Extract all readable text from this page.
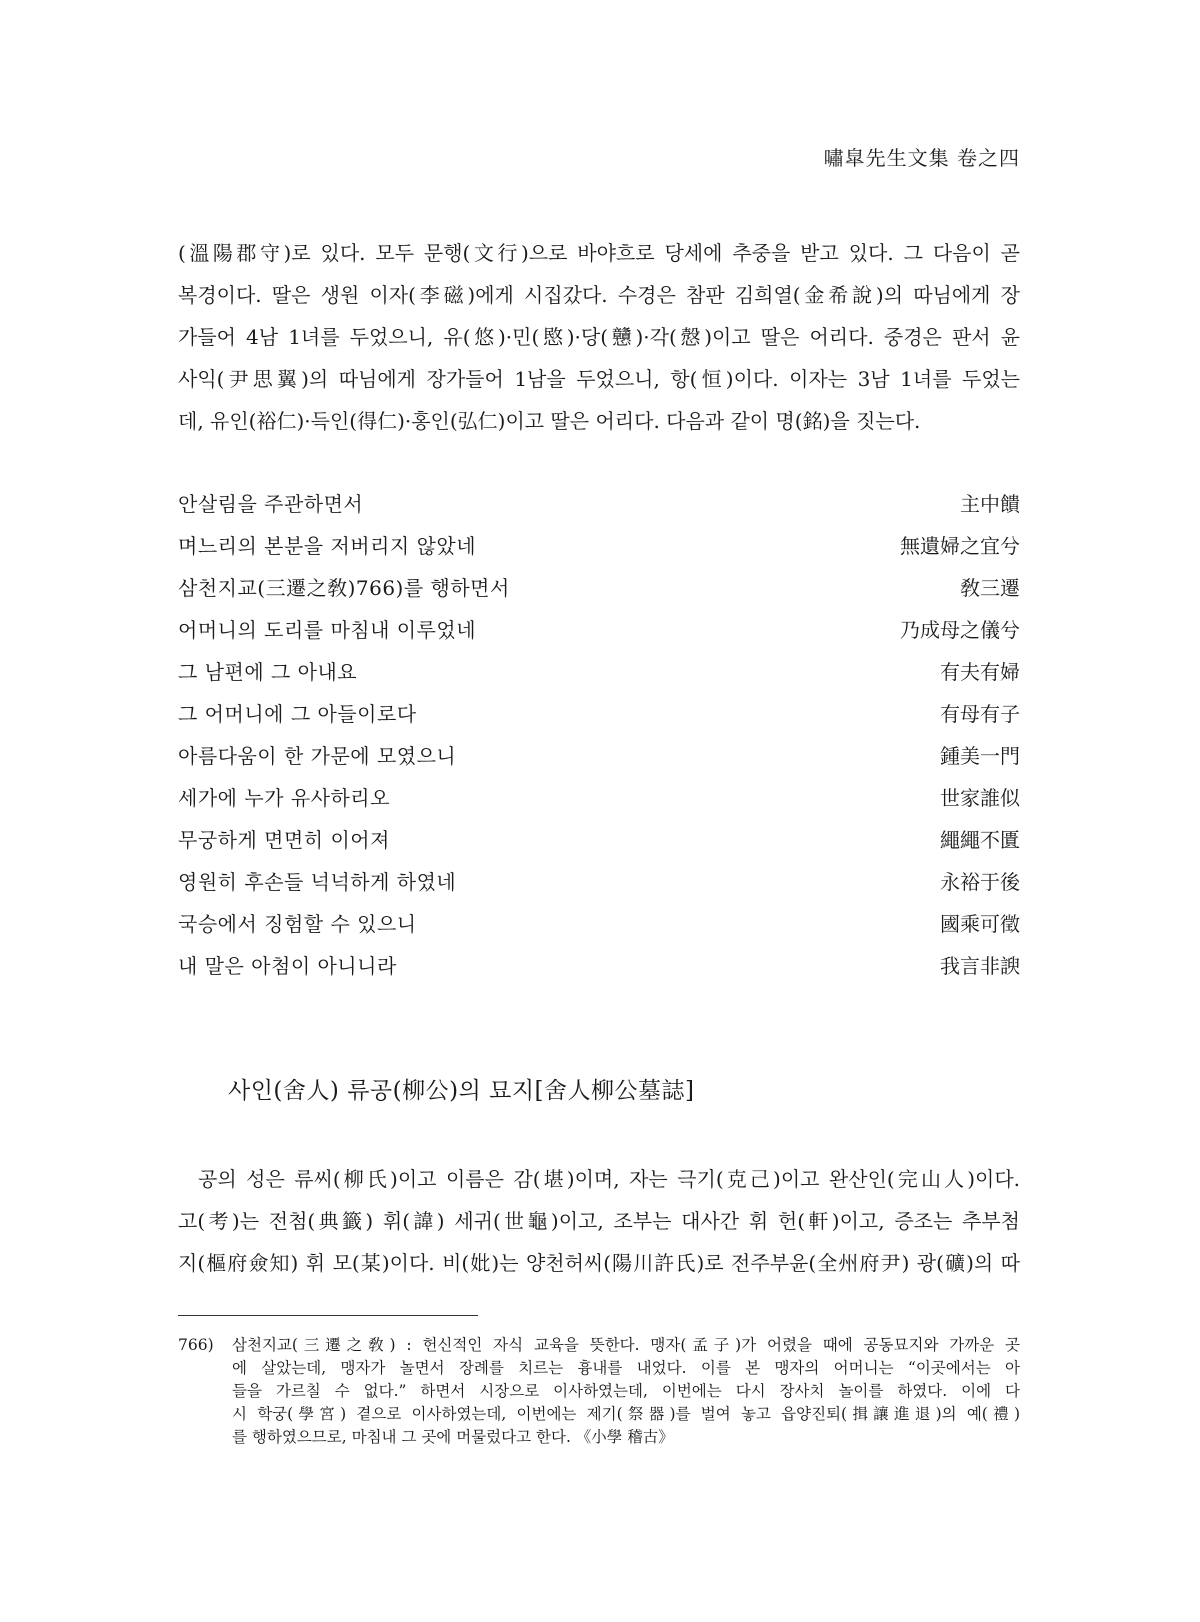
嘯皐先生文集 卷之四
(溫陽郡守)로 있다. 모두 문행(文行)으로 바야흐로 당세에 추중을 받고 있다. 그 다음이 곧
복경이다. 딸은 생원 이자(李磁)에게 시집갔다. 수경은 참판 김희열(金希說)의 따님에게 장
가들어 4남 1녀를 두었으니, 유(悠)·민(愍)·당(戇)·각(慤)이고 딸은 어리다. 중경은 판서 윤
사익(尹思翼)의 따님에게 장가들어 1남을 두었으니, 항(恒)이다. 이자는 3남 1녀를 두었는
데, 유인(裕仁)·득인(得仁)·홍인(弘仁)이고 딸은 어리다. 다음과 같이 명(銘)을 짓는다.
안살림을 주관하면서	主中饋
며느리의 본분을 저버리지 않았네	無遺婦之宜兮
삼천지교(三遷之敎)766)를 행하면서	敎三遷
어머니의 도리를 마침내 이루었네	乃成母之儀兮
그 남편에 그 아내요	有夫有婦
그 어머니에 그 아들이로다	有母有子
아름다움이 한 가문에 모였으니	鍾美一門
세가에 누가 유사하리오	世家誰似
무궁하게 면면히 이어져	繩繩不匱
영원히 후손들 넉넉하게 하였네	永裕于後
국승에서 징험할 수 있으니	國乘可徵
내 말은 아첨이 아니니라	我言非諛
사인(舍人) 류공(柳公)의 묘지[舍人柳公墓誌]
공의 성은 류씨(柳氏)이고 이름은 감(堪)이며, 자는 극기(克己)이고 완산인(完山人)이다.
고(考)는 전첨(典籤) 휘(諱) 세귀(世龜)이고, 조부는 대사간 휘 헌(軒)이고, 증조는 추부첨
지(樞府僉知) 휘 모(某)이다. 비(妣)는 양천허씨(陽川許氏)로 전주부윤(全州府尹) 광(礦)의 따
766)	삼천지교(三遷之敎) : 헌신적인 자식 교육을 뜻한다. 맹자(孟子)가 어렸을 때에 공동묘지와 가까운 곳
에 살았는데, 맹자가 놀면서 장례를 치르는 흉내를 내었다. 이를 본 맹자의 어머니는 “이곳에서는 아
들을 가르칠 수 없다.” 하면서 시장으로 이사하였는데, 이번에는 다시 장사치 놀이를 하였다. 이에 다
시 학궁(學宮) 곁으로 이사하였는데, 이번에는 제기(祭器)를 벌여 놓고 읍양진퇴(揖讓進退)의 예(禮)
를 행하였으므로, 마침내 그 곳에 머물렀다고 한다. 《小學 稽古》
